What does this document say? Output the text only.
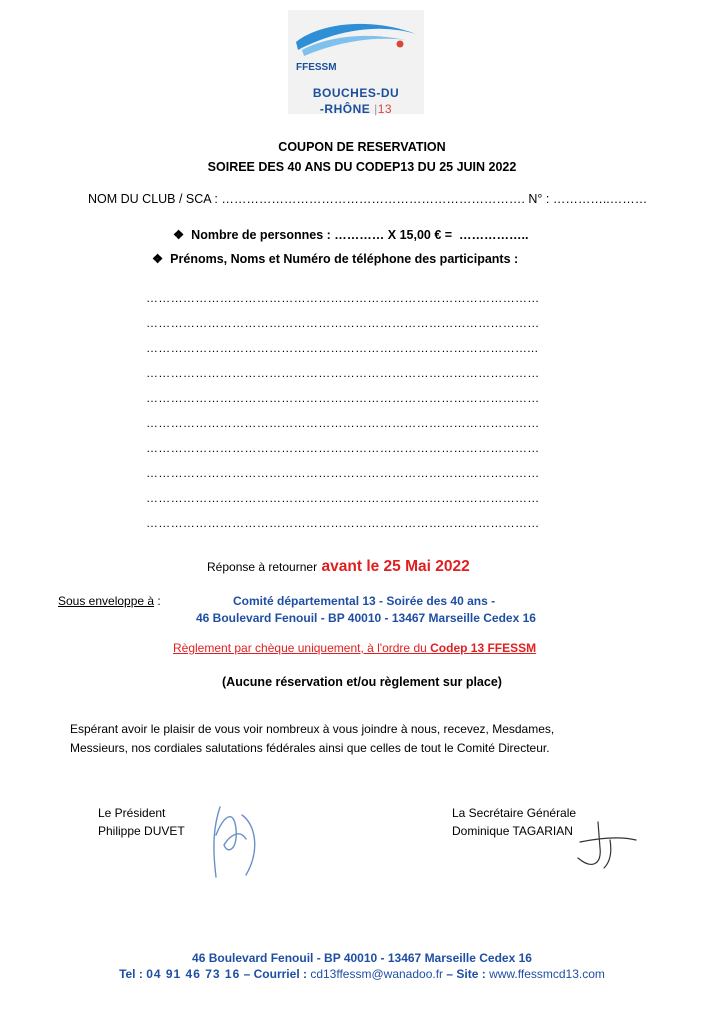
FFESSM
BOUCHES-DU
-RHÔNE |13
COUPON DE RESERVATION
SOIREE DES 40 ANS DU CODEP13 DU 25 JUIN 2022
NOM DU CLUB / SCA : ………………………………………………………………. N° : …………..………
❖ Nombre de personnes : ………… X 15,00 € = ……………..
❖ Prénoms, Noms et Numéro de téléphone des participants :
……………………………………………………………………………………
……………………………………………………………………………………
…………………………………………………………………………………...
……………………………………………………………………………………
……………………………………………………………………………………
……………………………………………………………………………………
……………………………………………………………………………………
……………………………………………………………………………………
……………………………………………………………………………………
……………………………………………………………………………………
Réponse à retourner avant le 25 Mai 2022
Sous enveloppe à :	Comité départemental 13 - Soirée des 40 ans -
46 Boulevard Fenouil - BP 40010 - 13467 Marseille Cedex 16
Règlement par chèque uniquement, à l'ordre du Codep 13 FFESSM
(Aucune réservation et/ou règlement sur place)
Espérant avoir le plaisir de vous voir nombreux à vous joindre à nous, recevez, Mesdames,
Messieurs, nos cordiales salutations fédérales ainsi que celles de tout le Comité Directeur.
Le Président
Philippe DUVET
La Secrétaire Générale
Dominique TAGARIAN
46 Boulevard Fenouil - BP 40010 - 13467 Marseille Cedex 16
Tel : 04 91 46 73 16 – Courriel : cd13ffessm@wanadoo.fr – Site : www.ffessmcd13.com
